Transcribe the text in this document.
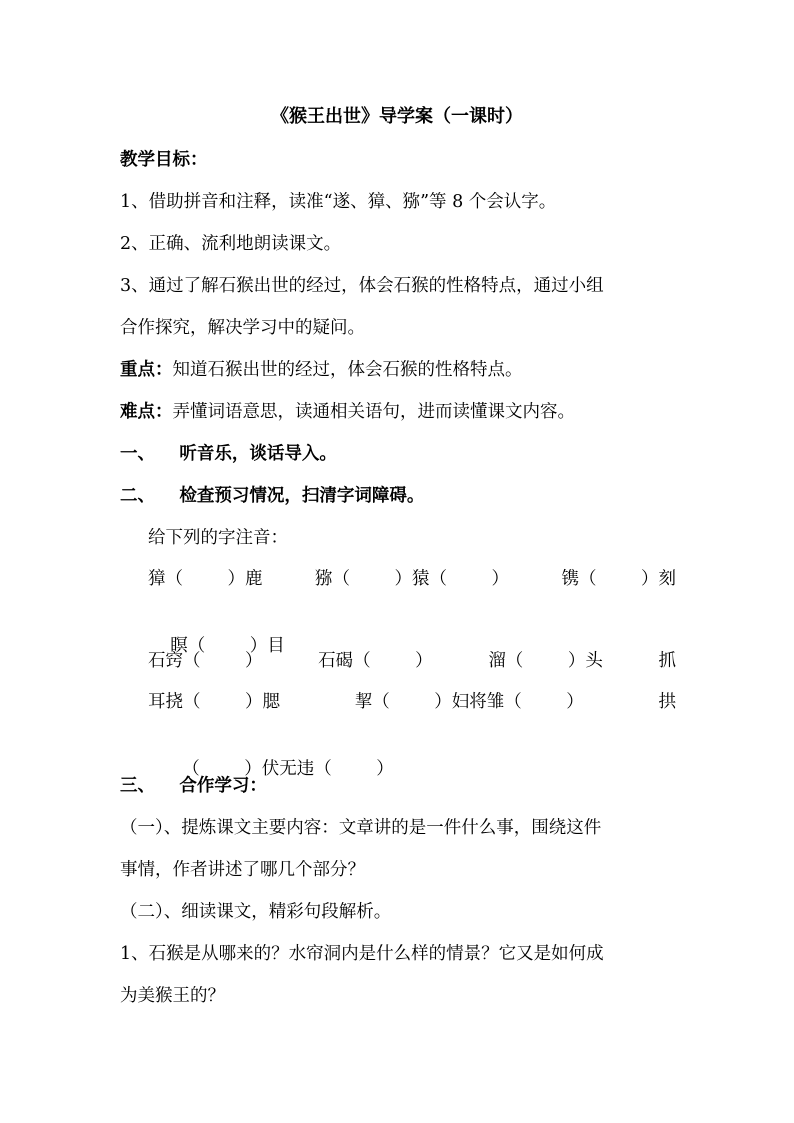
《猴王出世》导学案（一课时）
教学目标：
1、借助拼音和注释，读准“遂、獐、猕”等 8 个会认字。
2、正确、流利地朗读课文。
3、通过了解石猴出世的经过，体会石猴的性格特点，通过小组
合作探究，解决学习中的疑问。
重点：知道石猴出世的经过，体会石猴的性格特点。
难点：弄懂词语意思，读通相关语句，进而读懂课文内容。
一、    听音乐，谈话导入。
二、    检查预习情况，扫清字词障碍。
给下列的字注音：
獐（        ）鹿	猕（        ）猿（        ）	镌（        ）刻

瞑（        ）目

石窍（        ）	石碣（        ）	溜（        ）头	抓
耳挠（        ）腮	挈（        ）妇将雏（        ）	拱

（        ）伏无违（        ）

三、    合作学习：
（一）、提炼课文主要内容：文章讲的是一件什么事，围绕这件
事情，作者讲述了哪几个部分？
（二）、细读课文，精彩句段解析。
1、石猴是从哪来的？水帘洞内是什么样的情景？它又是如何成
为美猴王的？
